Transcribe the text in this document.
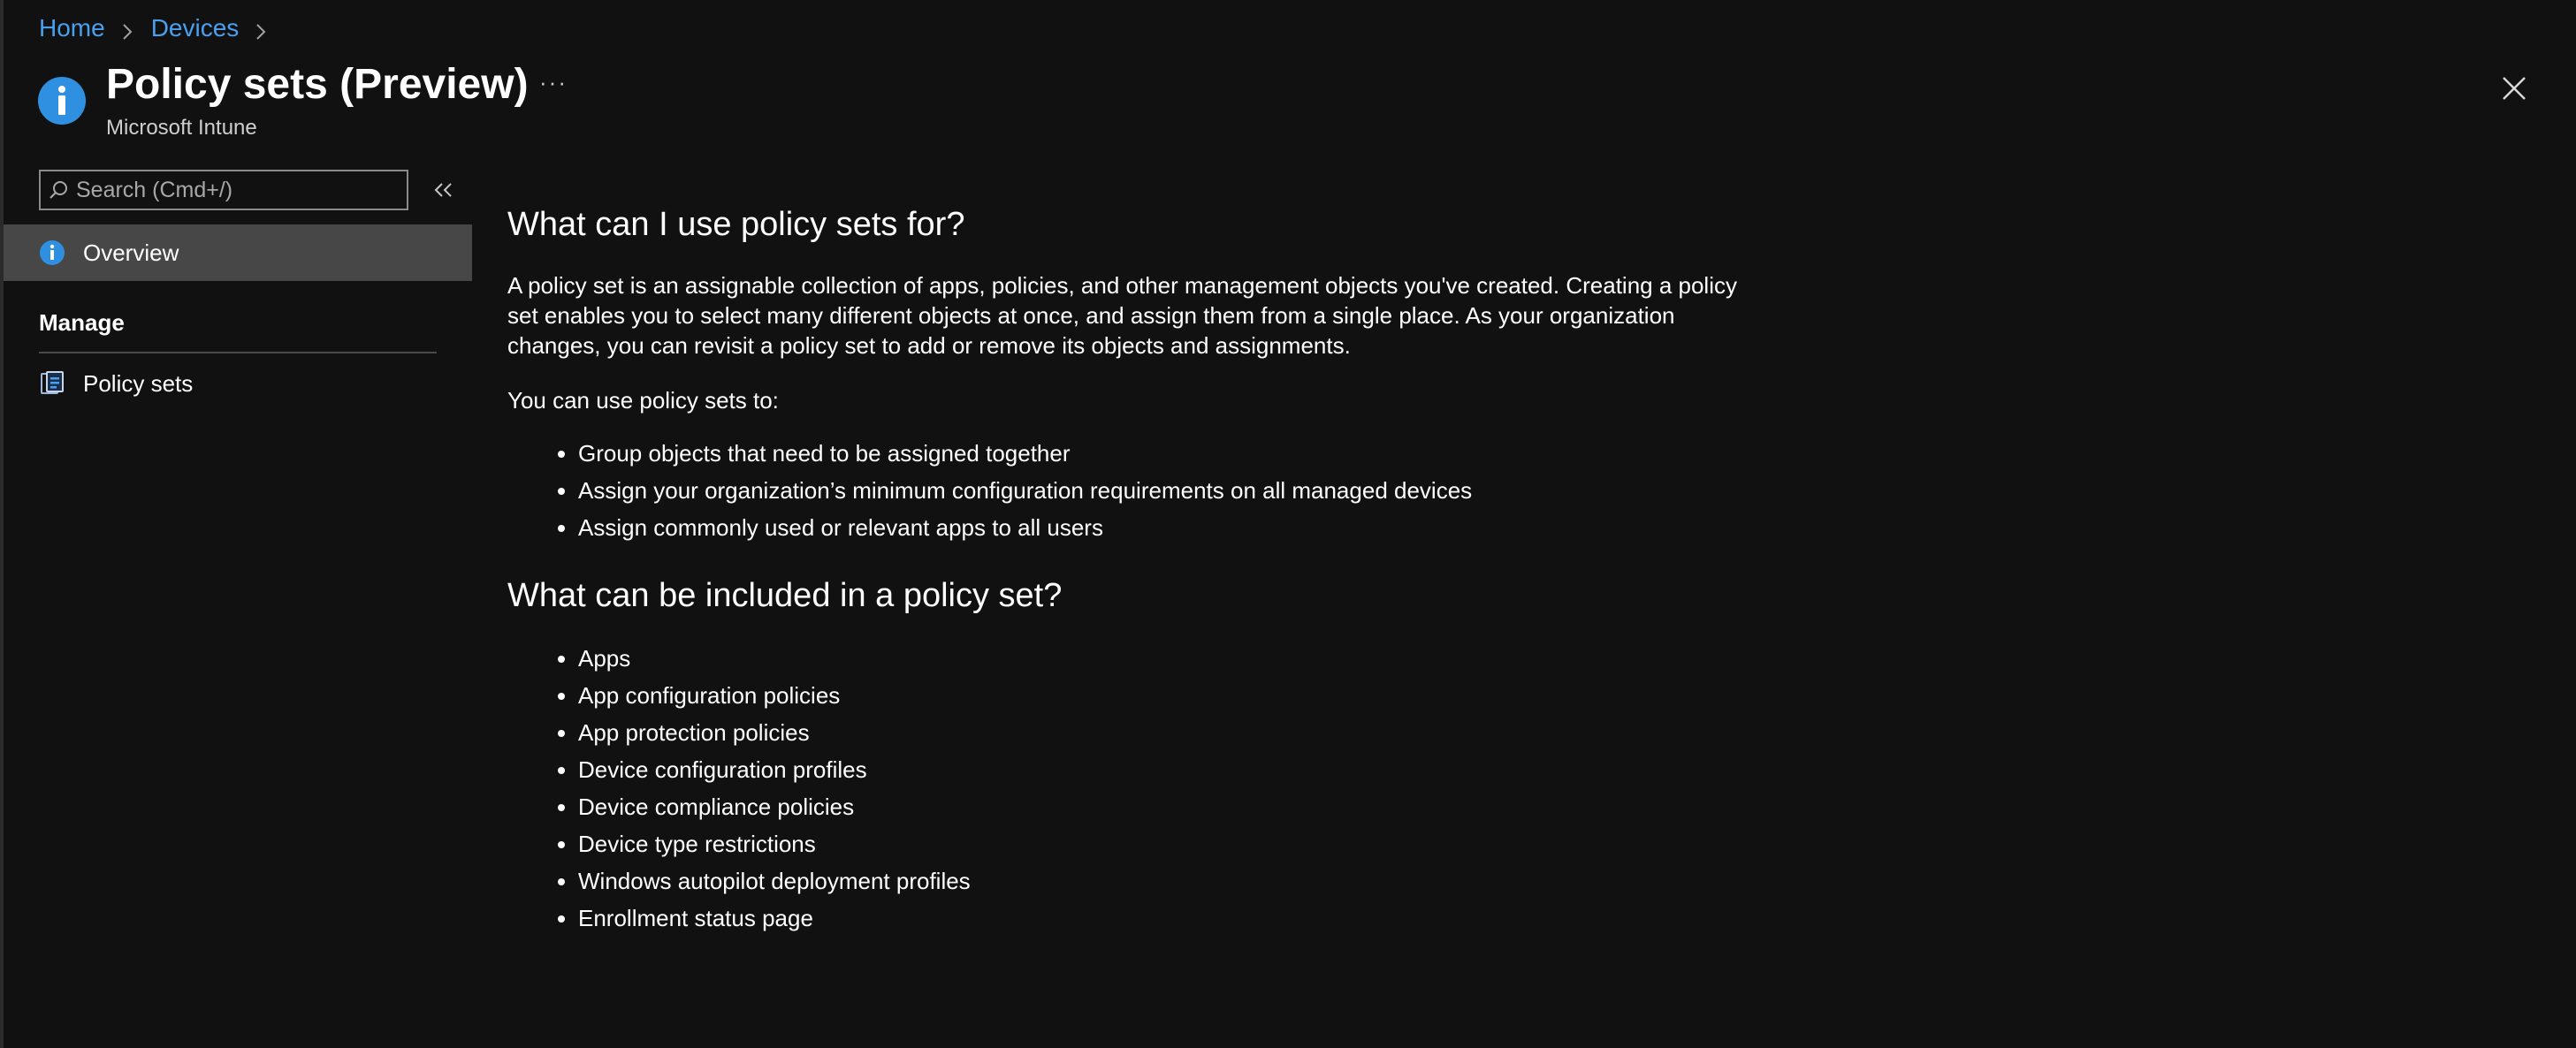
Home Devices
Policy sets (Preview) ···
Microsoft Intune
Search (Cmd+/)
Overview
Manage
Policy sets
What can I use policy sets for?

A policy set is an assignable collection of apps, policies, and other management objects you've created. Creating a policy set enables you to select many different objects at once, and assign them from a single place. As your organization changes, you can revisit a policy set to add or remove its objects and assignments.

You can use policy sets to:

• Group objects that need to be assigned together
• Assign your organization’s minimum configuration requirements on all managed devices
• Assign commonly used or relevant apps to all users
What can be included in a policy set?
• Apps
• App configuration policies
• App protection policies
• Device configuration profiles
• Device compliance policies
• Device type restrictions
• Windows autopilot deployment profiles
• Enrollment status page
